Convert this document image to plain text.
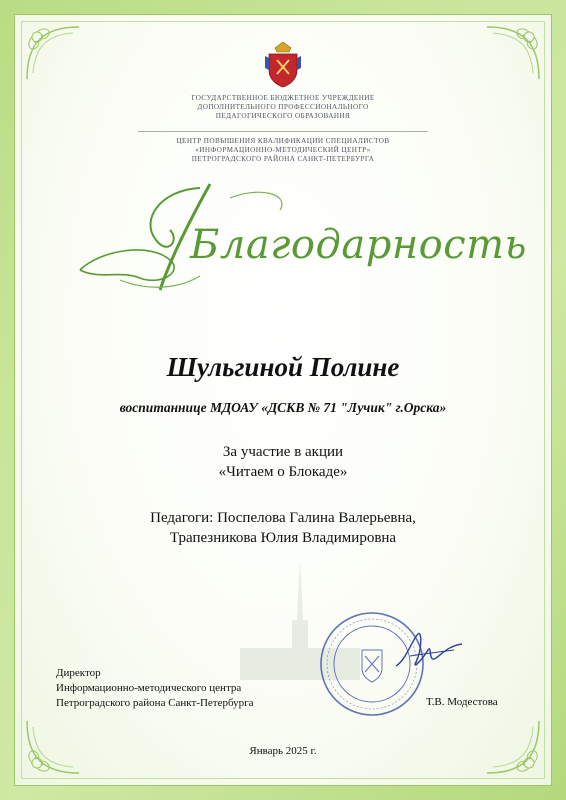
ГОСУДАРСТВЕННОЕ БЮДЖЕТНОЕ УЧРЕЖДЕНИЕ
ДОПОЛНИТЕЛЬНОГО ПРОФЕССИОНАЛЬНОГО
ПЕДАГОГИЧЕСКОГО ОБРАЗОВАНИЯ
ЦЕНТР ПОВЫШЕНИЯ КВАЛИФИКАЦИИ СПЕЦИАЛИСТОВ
«ИНФОРМАЦИОННО-МЕТОДИЧЕСКИЙ ЦЕНТР»
ПЕТРОГРАДСКОГО РАЙОНА САНКТ-ПЕТЕРБУРГА
Благодарность
Шульгиной Полине
воспитаннице МДОАУ «ДСКВ № 71 "Лучик" г.Орска»
За участие в акции
«Читаем о Блокаде»
Педагоги: Поспелова Галина Валерьевна,
Трапезникова Юлия Владимировна
Директор
Информационно-методического центра
Петроградского района Санкт-Петербурга	Т.В. Модестова
Январь 2025 г.
